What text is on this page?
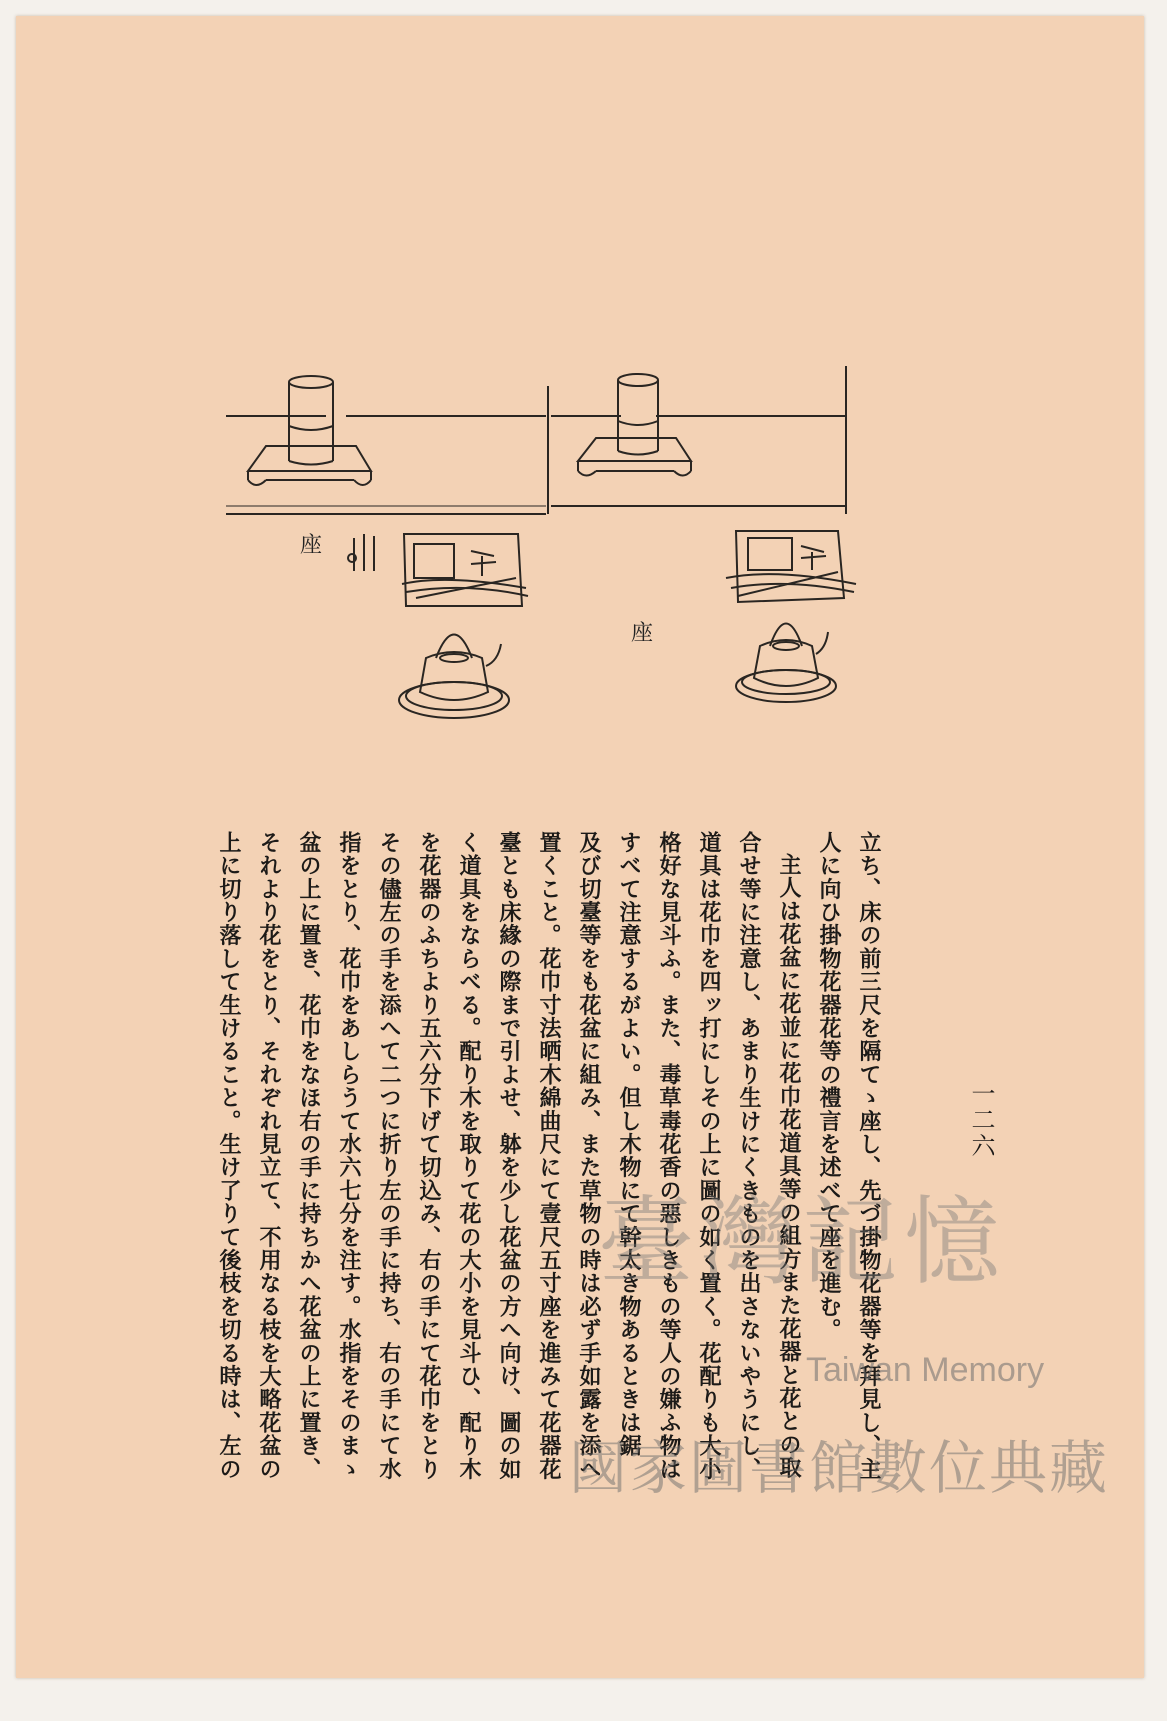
座
座
立ち、床の前三尺を隔てゝ座し、先づ掛物花器等を拜見し、主
人に向ひ掛物花器花等の禮言を述べて座を進む。
主人は花盆に花並に花巾花道具等の組方また花器と花との取
合せ等に注意し、あまり生けにくきものを出さないやうにし、
道具は花巾を四ッ打にしその上に圖の如く置く。花配りも大小
格好な見斗ふ。また、毒草毒花香の惡しきもの等人の嫌ふ物は
すべて注意するがよい。但し木物にて幹太き物あるときは鋸
及び切臺等をも花盆に組み、また草物の時は必ず手如露を添へ
置くこと。花巾寸法晒木綿曲尺にて壹尺五寸座を進みて花器花
臺とも床緣の際まで引よせ、躰を少し花盆の方へ向け、圖の如
く道具をならべる。配り木を取りて花の大小を見斗ひ、配り木
を花器のふちより五六分下げて切込み、右の手にて花巾をとり
その儘左の手を添へて二つに折り左の手に持ち、右の手にて水
指をとり、花巾をあしらうて水六七分を注す。水指をそのまゝ
盆の上に置き、花巾をなほ右の手に持ちかへ花盆の上に置き、
それより花をとり、それぞれ見立て、不用なる枝を大略花盆の
上に切り落して生けること。生け了りて後枝を切る時は、左の	一二六
臺灣記憶
Taiwan Memory
國家圖書館數位典藏
